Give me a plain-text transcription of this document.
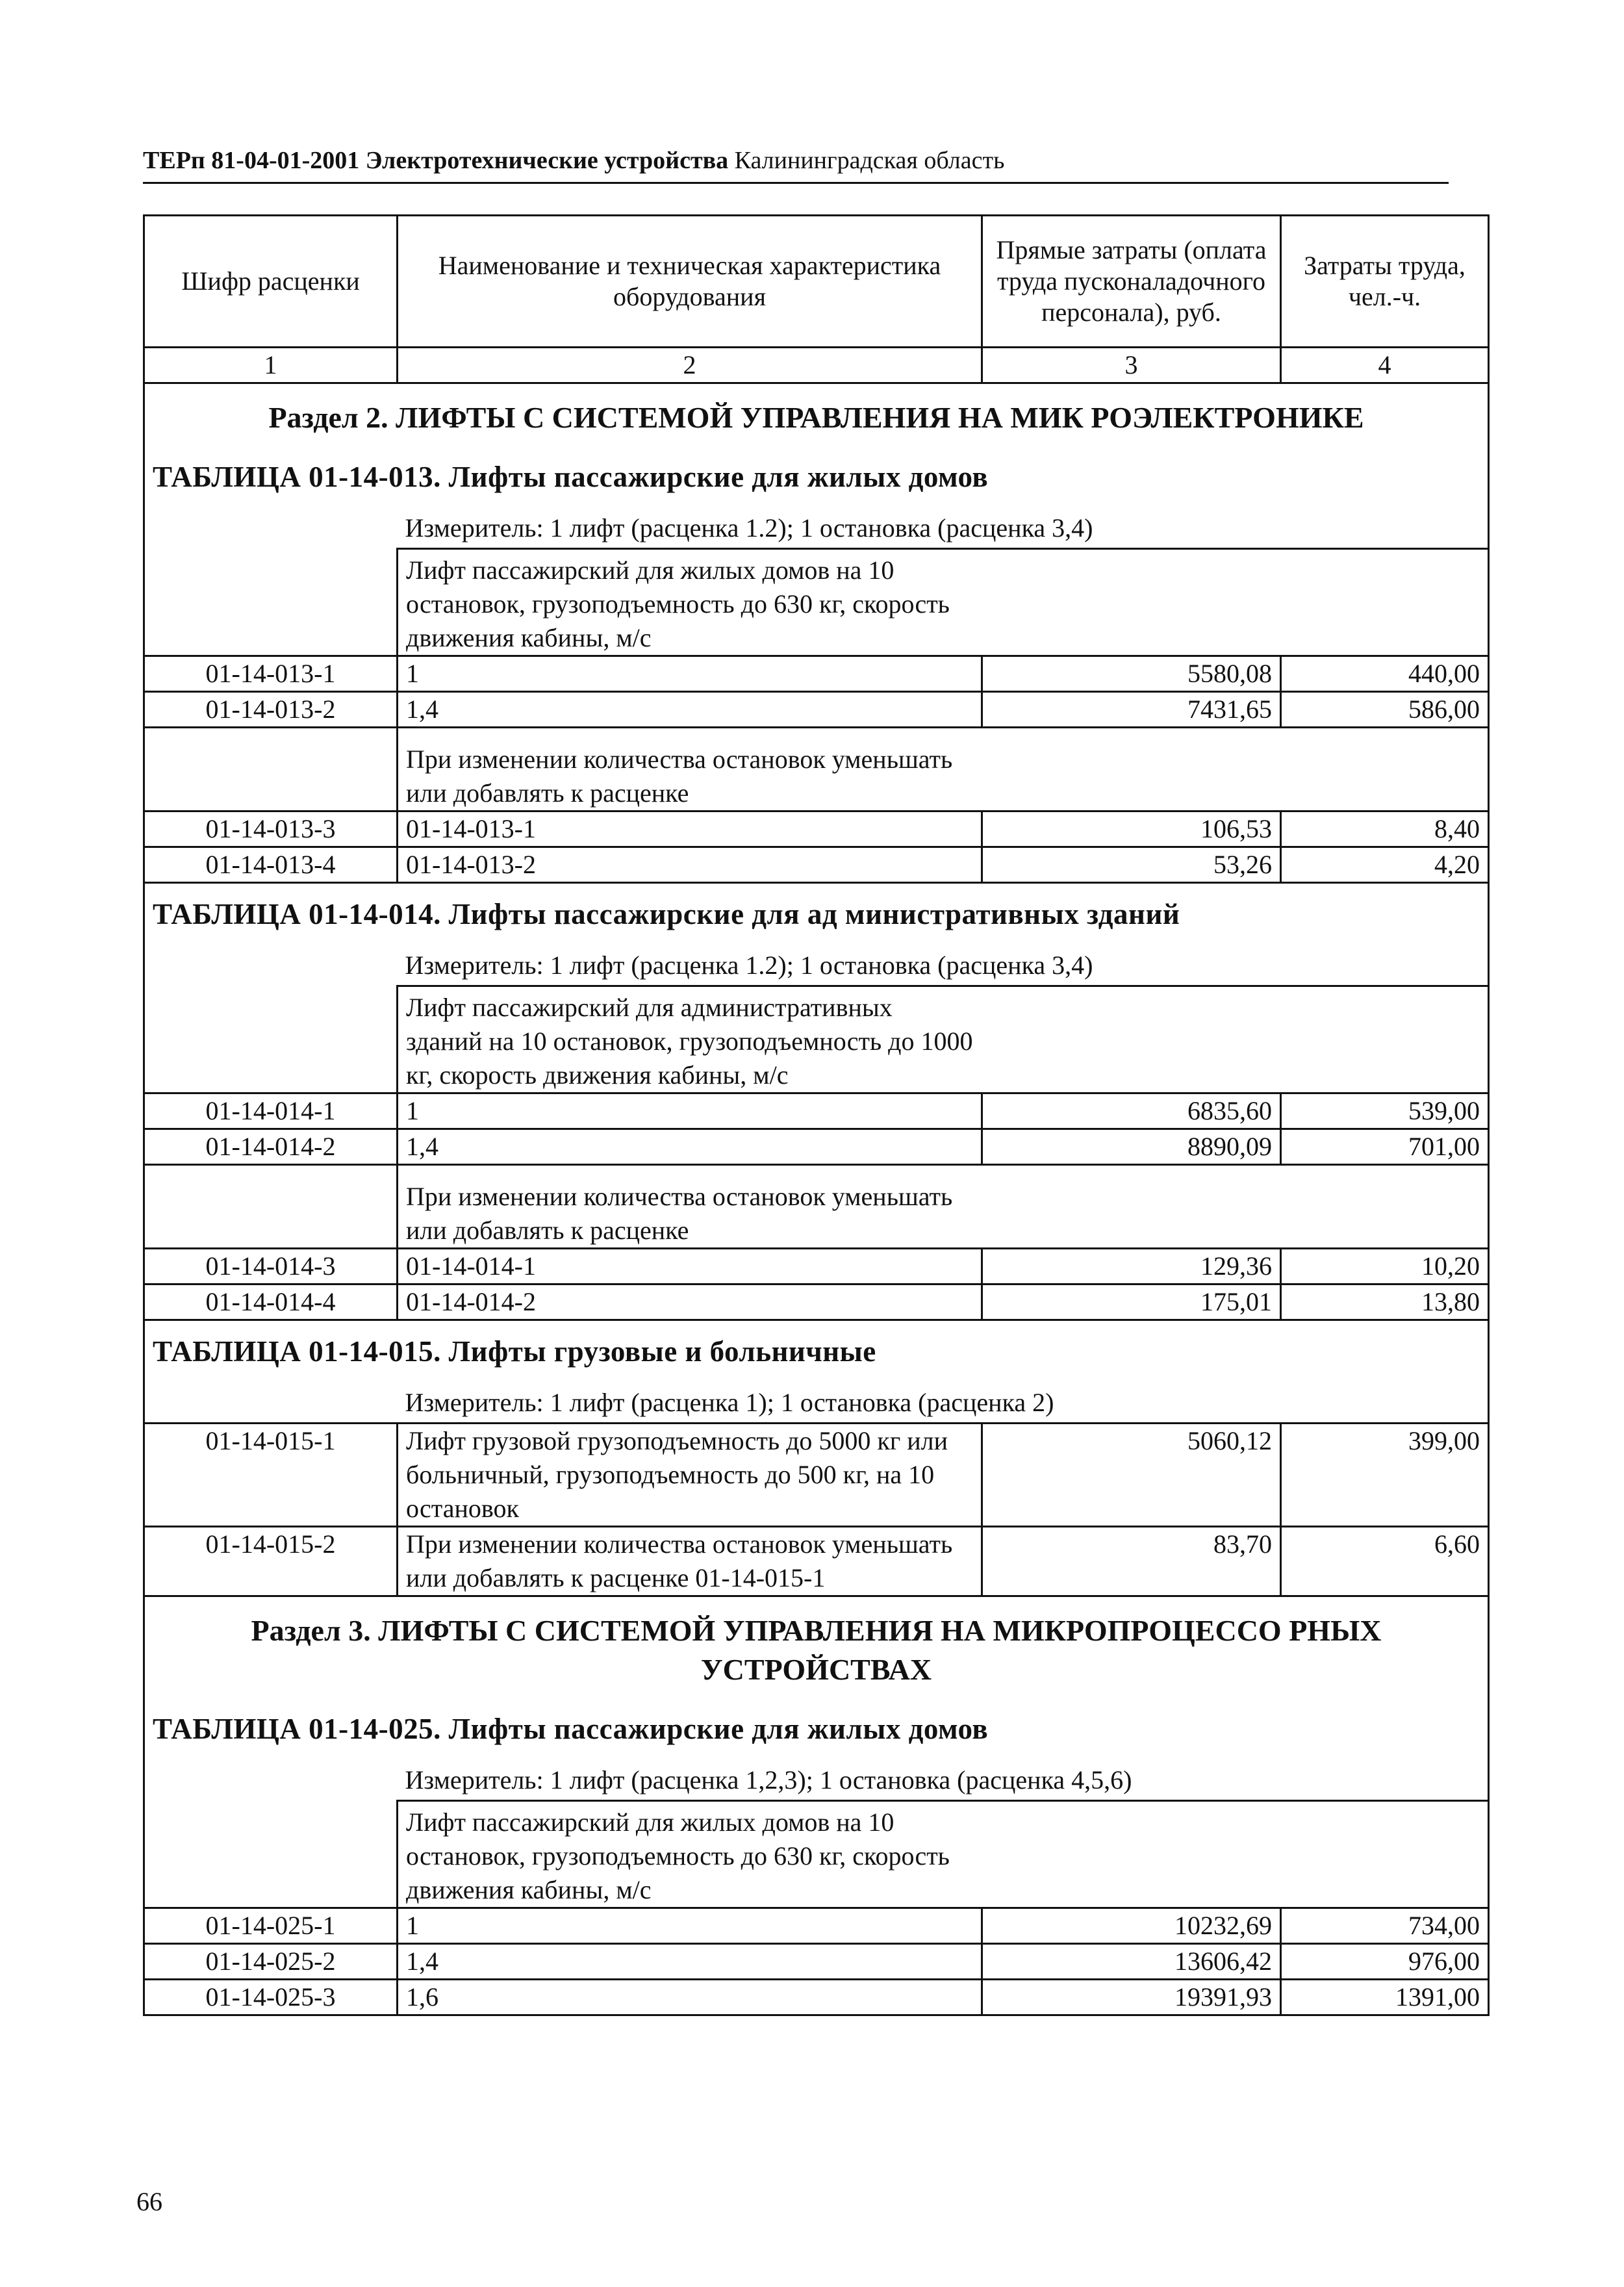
ТЕРп 81-04-01-2001 Электротехнические устройства Калининградская область
Шифр расценки	Наименование и техническая характеристика оборудования	Прямые затраты (оплата труда пусконаладочного персонала), руб.	Затраты труда, чел.-ч.
1	2	3	4
Раздел 2. ЛИФТЫ С СИСТЕМОЙ УПРАВЛЕНИЯ НА МИК РОЭЛЕКТРОНИКЕ			
ТАБЛИЦА 01-14-013. Лифты пассажирские для жилых домов			
	Измеритель: 1 лифт (расценка 1.2); 1 остановка (расценка 3,4)		
	Лифт пассажирский для жилых домов на 10 остановок, грузоподъемность до 630 кг, скорость движения кабины, м/с		
01-14-013-1	1	5580,08	440,00
01-14-013-2	1,4	7431,65	586,00
	При изменении количества остановок уменьшать или добавлять к расценке		
01-14-013-3	01-14-013-1	106,53	8,40
01-14-013-4	01-14-013-2	53,26	4,20
ТАБЛИЦА 01-14-014. Лифты пассажирские для ад министративных зданий			
	Измеритель: 1 лифт (расценка 1.2); 1 остановка (расценка 3,4)		
	Лифт пассажирский для административных зданий на 10 остановок, грузоподъемность до 1000 кг, скорость движения кабины, м/с		
01-14-014-1	1	6835,60	539,00
01-14-014-2	1,4	8890,09	701,00
	При изменении количества остановок уменьшать или добавлять к расценке		
01-14-014-3	01-14-014-1	129,36	10,20
01-14-014-4	01-14-014-2	175,01	13,80
ТАБЛИЦА 01-14-015. Лифты грузовые и больничные			
	Измеритель: 1 лифт (расценка 1); 1 остановка (расценка 2)		
01-14-015-1	Лифт грузовой грузоподъемность до 5000 кг или больничный, грузоподъемность до 500 кг, на 10 остановок	5060,12	399,00
01-14-015-2	При изменении количества остановок уменьшать или добавлять к расценке 01-14-015-1	83,70	6,60
Раздел 3. ЛИФТЫ С СИСТЕМОЙ УПРАВЛЕНИЯ НА МИКРОПРОЦЕССО РНЫХ УСТРОЙСТВАХ			
ТАБЛИЦА 01-14-025. Лифты пассажирские для жилых домов			
	Измеритель: 1 лифт (расценка 1,2,3); 1 остановка (расценка 4,5,6)		
	Лифт пассажирский для жилых домов на 10 остановок, грузоподъемность до 630 кг, скорость движения кабины, м/с		
01-14-025-1	1	10232,69	734,00
01-14-025-2	1,4	13606,42	976,00
01-14-025-3	1,6	19391,93	1391,00
66
